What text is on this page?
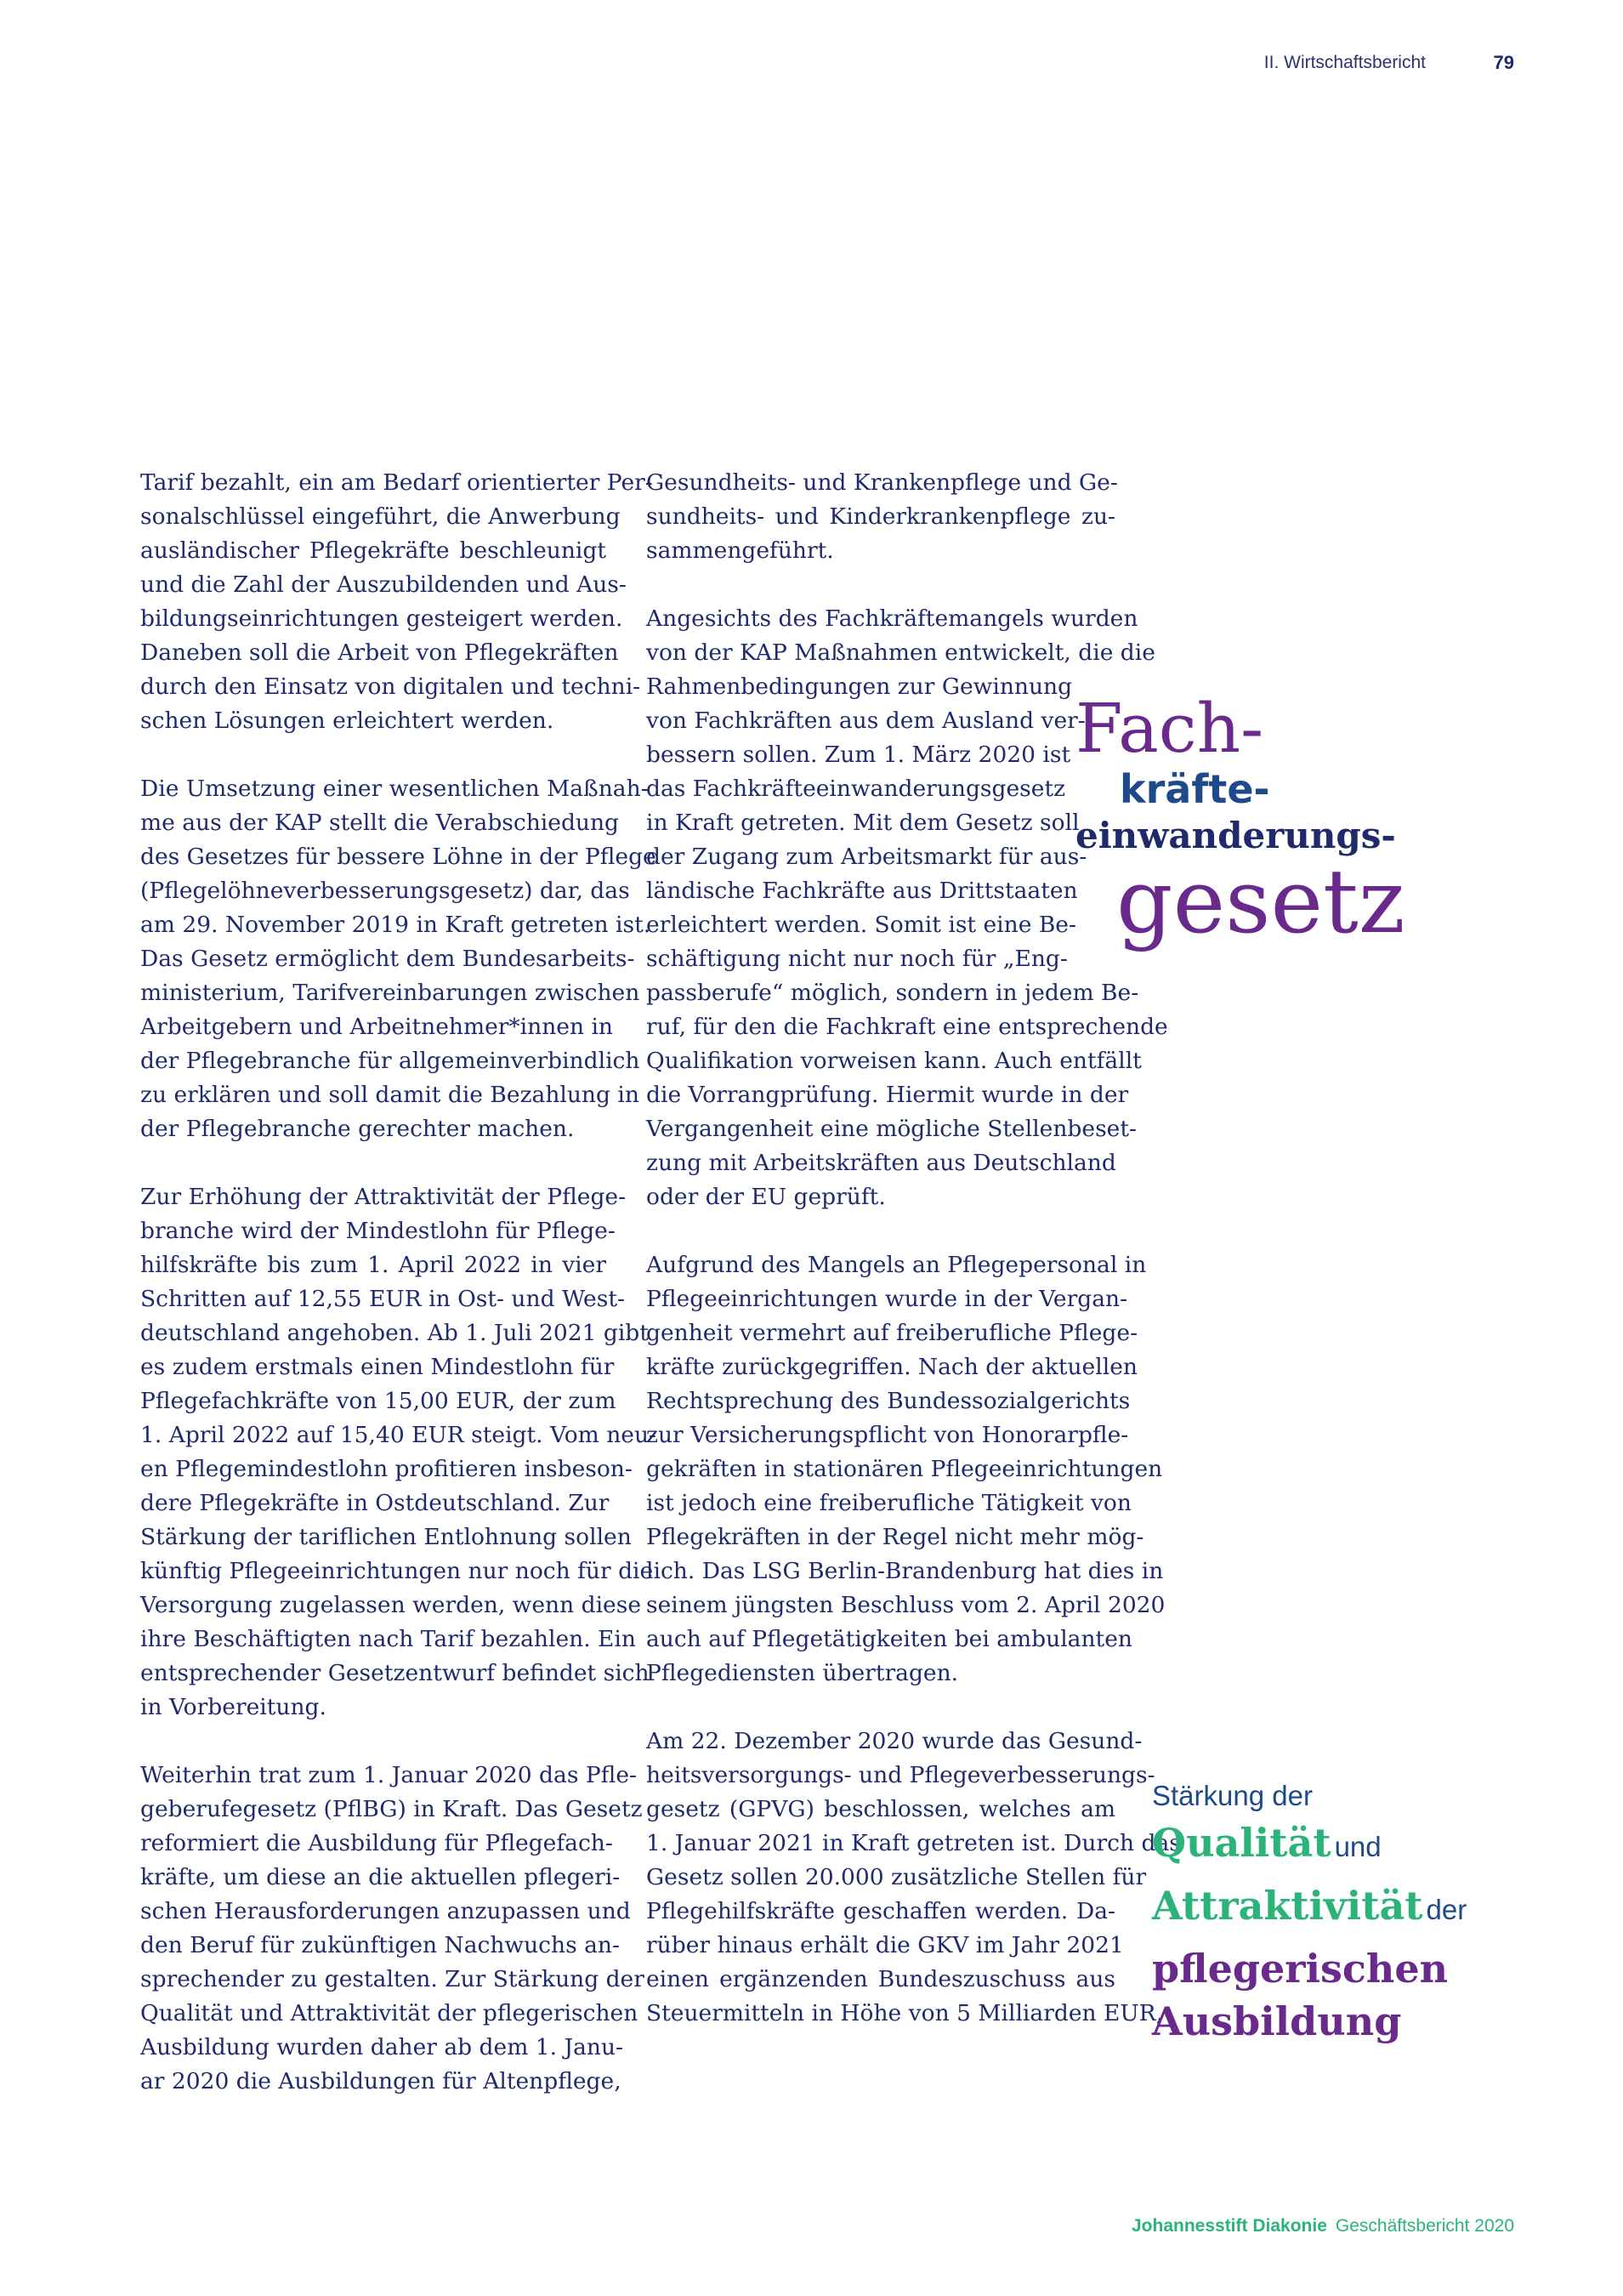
II. Wirtschaftsbericht	79

Tarif bezahlt, ein am Bedarf orientierter Per-
sonalschlüssel eingeführt, die Anwerbung
ausländischer Pflegekräfte beschleunigt
und die Zahl der Auszubildenden und Aus-
bildungseinrichtungen gesteigert werden.
Daneben soll die Arbeit von Pflegekräften
durch den Einsatz von digitalen und techni-
schen Lösungen erleichtert werden.

Die Umsetzung einer wesentlichen Maßnah-
me aus der KAP stellt die Verabschiedung
des Gesetzes für bessere Löhne in der Pflege
(Pflegelöhneverbesserungsgesetz) dar, das
am 29. November 2019 in Kraft getreten ist.
Das Gesetz ermöglicht dem Bundesarbeits-
ministerium, Tarifvereinbarungen zwischen
Arbeitgebern und Arbeitnehmer*innen in
der Pflegebranche für allgemeinverbindlich
zu erklären und soll damit die Bezahlung in
der Pflegebranche gerechter machen.

Zur Erhöhung der Attraktivität der Pflege-
branche wird der Mindestlohn für Pflege-
hilfskräfte bis zum 1. April 2022 in vier
Schritten auf 12,55 EUR in Ost- und West-
deutschland angehoben. Ab 1. Juli 2021 gibt
es zudem erstmals einen Mindestlohn für
Pflegefachkräfte von 15,00 EUR, der zum
1. April 2022 auf 15,40 EUR steigt. Vom neu-
en Pflegemindestlohn profitieren insbeson-
dere Pflegekräfte in Ostdeutschland. Zur
Stärkung der tariflichen Entlohnung sollen
künftig Pflegeeinrichtungen nur noch für die
Versorgung zugelassen werden, wenn diese
ihre Beschäftigten nach Tarif bezahlen. Ein
entsprechender Gesetzentwurf befindet sich
in Vorbereitung.

Weiterhin trat zum 1. Januar 2020 das Pfle-
geberufegesetz (PflBG) in Kraft. Das Gesetz
reformiert die Ausbildung für Pflegefach-
kräfte, um diese an die aktuellen pflegeri-
schen Herausforderungen anzupassen und
den Beruf für zukünftigen Nachwuchs an-
sprechender zu gestalten. Zur Stärkung der
Qualität und Attraktivität der pflegerischen
Ausbildung wurden daher ab dem 1. Janu-
ar 2020 die Ausbildungen für Altenpflege,

Gesundheits- und Krankenpflege und Ge-
sundheits- und Kinderkrankenpflege zu-
sammengeführt.

Angesichts des Fachkräftemangels wurden
von der KAP Maßnahmen entwickelt, die die
Rahmenbedingungen zur Gewinnung
von Fachkräften aus dem Ausland ver-
bessern sollen. Zum 1. März 2020 ist
das Fachkräfteeinwanderungsgesetz
in Kraft getreten. Mit dem Gesetz soll
der Zugang zum Arbeitsmarkt für aus-
ländische Fachkräfte aus Drittstaaten
erleichtert werden. Somit ist eine Be-
schäftigung nicht nur noch für „Eng-
passberufe“ möglich, sondern in jedem Be-
ruf, für den die Fachkraft eine entsprechende
Qualifikation vorweisen kann. Auch entfällt
die Vorrangprüfung. Hiermit wurde in der
Vergangenheit eine mögliche Stellenbeset-
zung mit Arbeitskräften aus Deutschland
oder der EU geprüft.

Aufgrund des Mangels an Pflegepersonal in
Pflegeeinrichtungen wurde in der Vergan-
genheit vermehrt auf freiberufliche Pflege-
kräfte zurückgegriffen. Nach der aktuellen
Rechtsprechung des Bundessozialgerichts
zur Versicherungspflicht von Honorarpfle-
gekräften in stationären Pflegeeinrichtungen
ist jedoch eine freiberufliche Tätigkeit von
Pflegekräften in der Regel nicht mehr mög-
lich. Das LSG Berlin-Brandenburg hat dies in
seinem jüngsten Beschluss vom 2. April 2020
auch auf Pflegetätigkeiten bei ambulanten
Pflegediensten übertragen.

Am 22. Dezember 2020 wurde das Gesund-
heitsversorgungs- und Pflegeverbesserungs-
gesetz (GPVG) beschlossen, welches am
1. Januar 2021 in Kraft getreten ist. Durch das
Gesetz sollen 20.000 zusätzliche Stellen für
Pflegehilfskräfte geschaffen werden. Da-
rüber hinaus erhält die GKV im Jahr 2021
einen ergänzenden Bundeszuschuss aus
Steuermitteln in Höhe von 5 Milliarden EUR,

Fach-
kräfte-
einwanderungs-
gesetz
Stärkung der
Qualität und
Attraktivität der
pflegerischen
Ausbildung
Johannesstift Diakonie Geschäftsbericht 2020
